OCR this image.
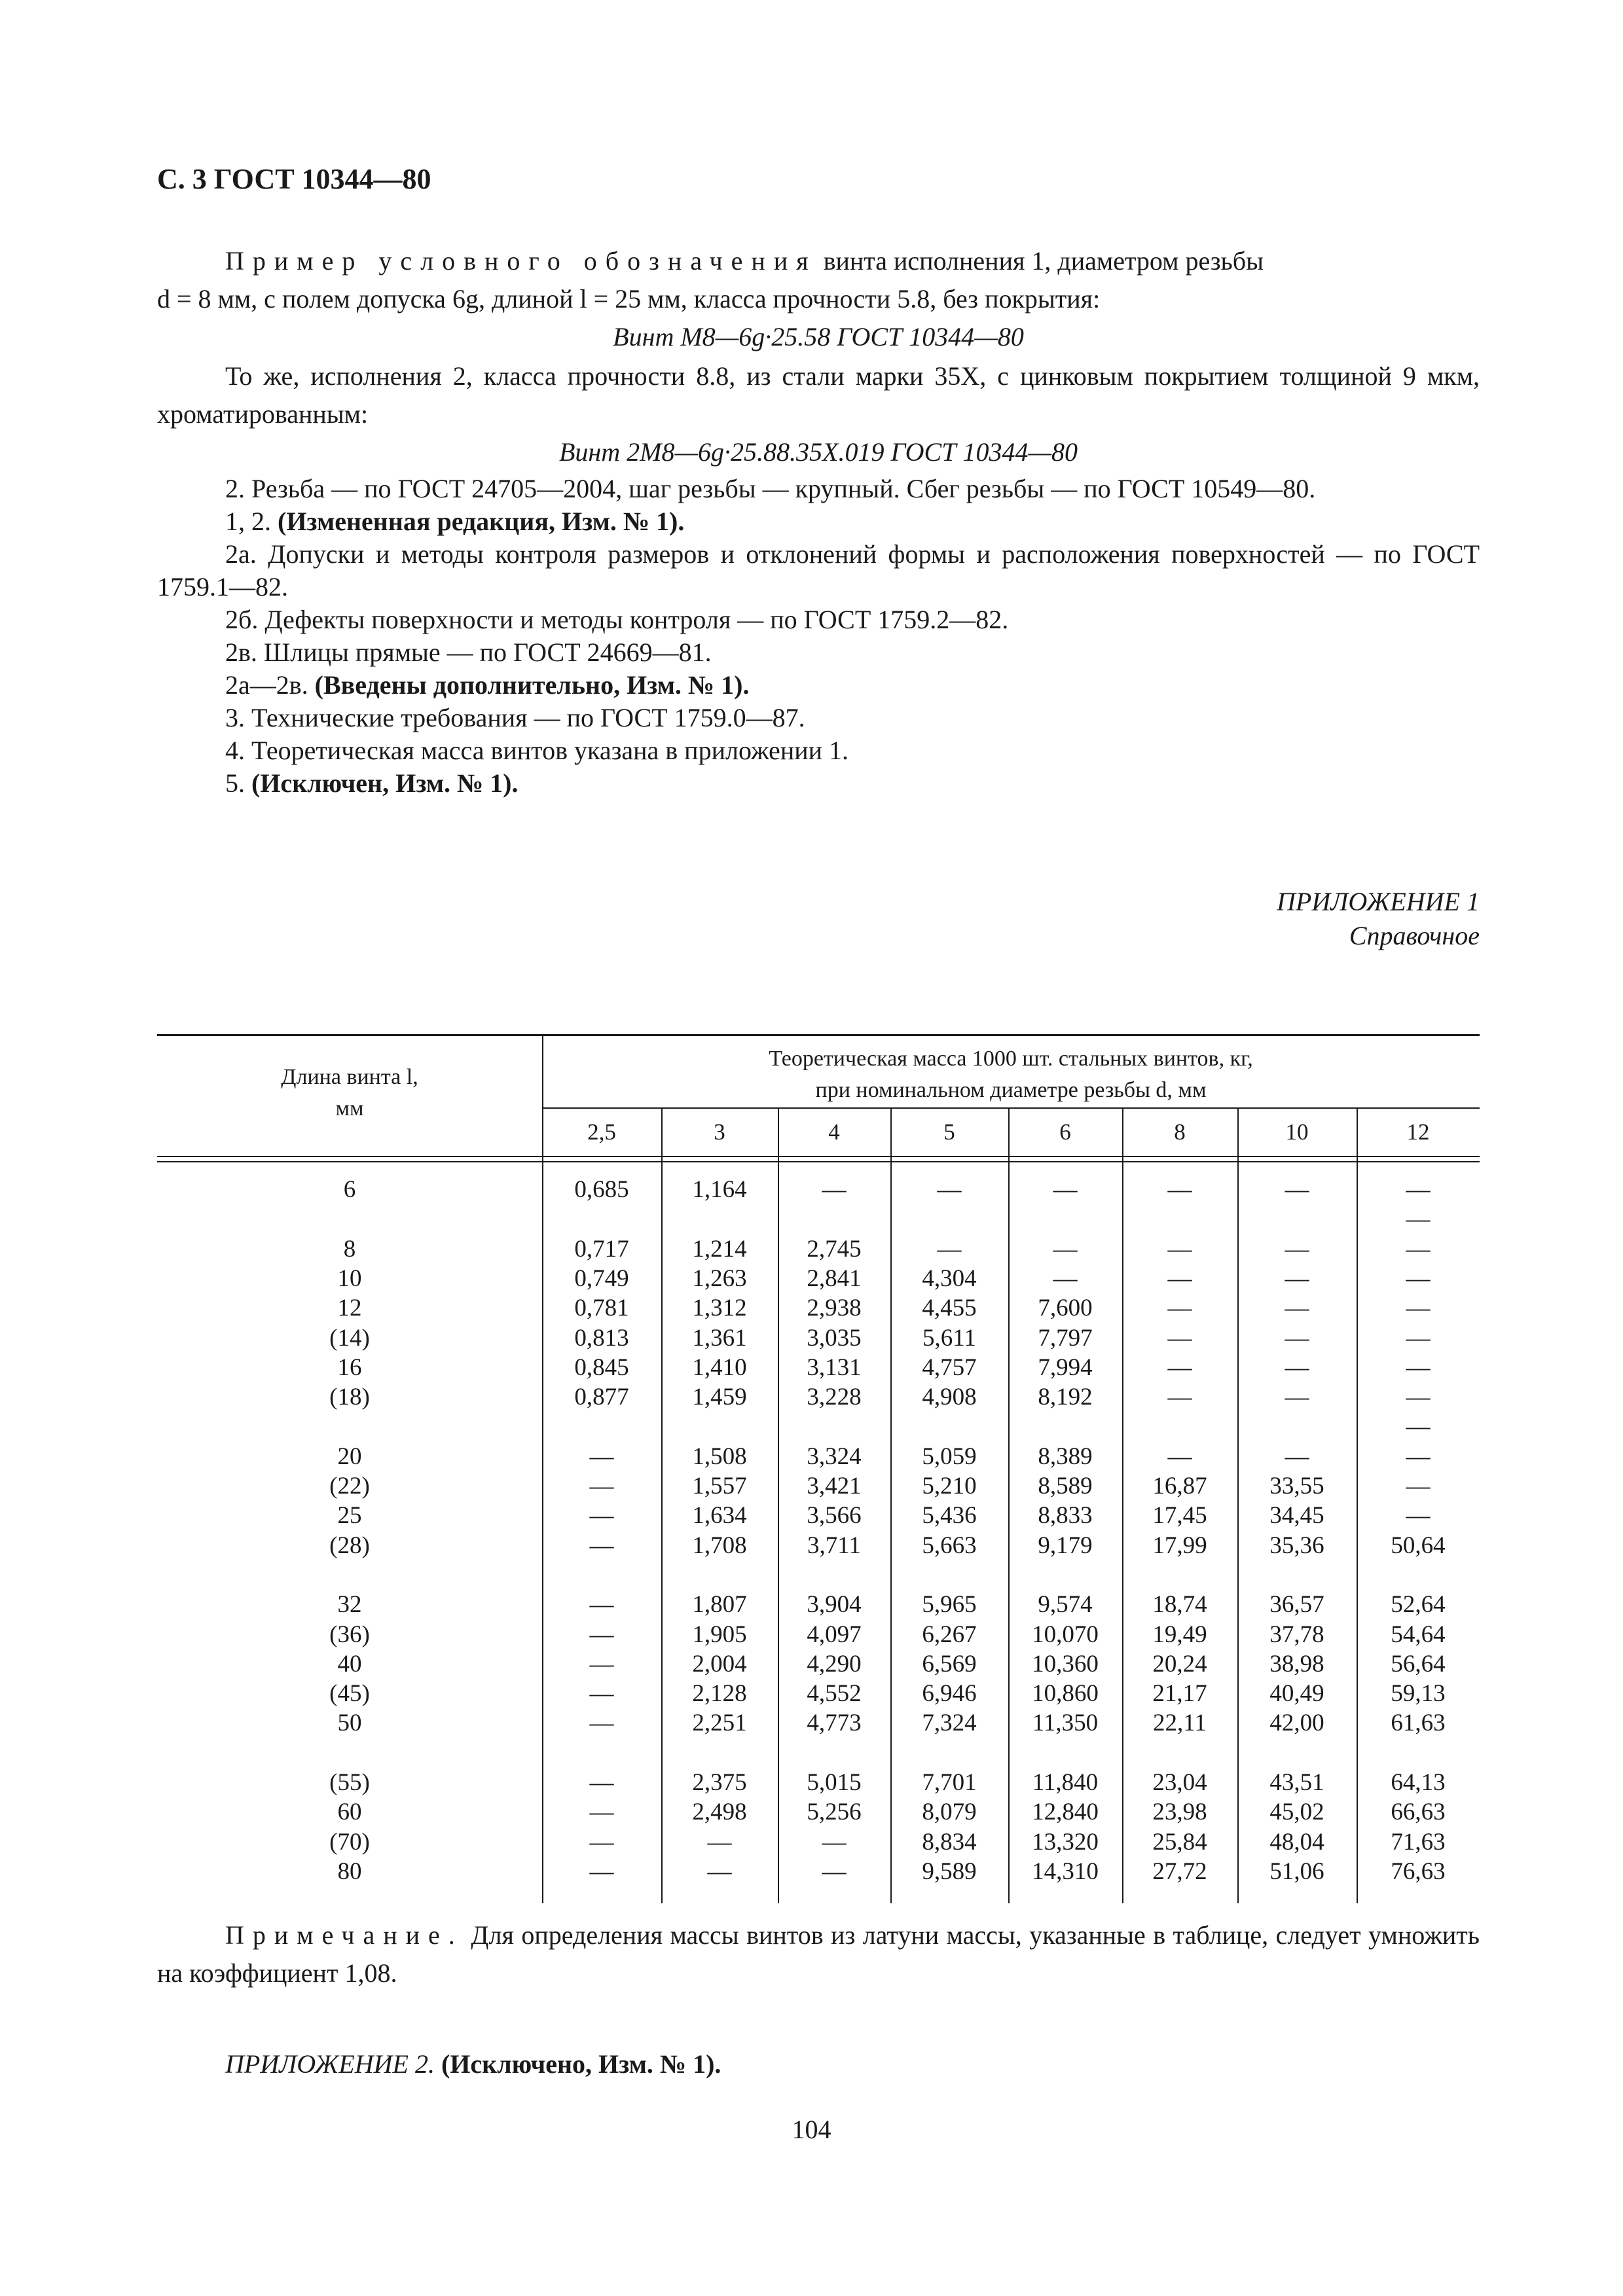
С. 3 ГОСТ 10344—80
Пример условного обозначения винта исполнения 1, диаметром резьбы
d = 8 мм, с полем допуска 6g, длиной l = 25 мм, класса прочности 5.8, без покрытия:
Винт М8—6g·25.58 ГОСТ 10344—80
То же, исполнения 2, класса прочности 8.8, из стали марки 35Х, с цинковым покрытием толщиной 9 мкм, хроматированным:
Винт 2М8—6g·25.88.35Х.019 ГОСТ 10344—80
2. Резьба — по ГОСТ 24705—2004, шаг резьбы — крупный. Сбег резьбы — по ГОСТ 10549—80.
1, 2. (Измененная редакция, Изм. № 1).
2а. Допуски и методы контроля размеров и отклонений формы и расположения поверхностей — по ГОСТ 1759.1—82.
2б. Дефекты поверхности и методы контроля — по ГОСТ 1759.2—82.
2в. Шлицы прямые — по ГОСТ 24669—81.
2а—2в. (Введены дополнительно, Изм. № 1).
3. Технические требования — по ГОСТ 1759.0—87.
4. Теоретическая масса винтов указана в приложении 1.
5. (Исключен, Изм. № 1).
ПРИЛОЖЕНИЕ 1
Справочное
Длина винта l,
мм
Теоретическая масса 1000 шт. стальных винтов, кг,
при номинальном диаметре резьбы d, мм
2,5	3	4	5	6	8	10	12
6	0,685	1,164	—	—	—	—	—	—
—
8	0,717	1,214	2,745	—	—	—	—	—
10	0,749	1,263	2,841	4,304	—	—	—	—
12	0,781	1,312	2,938	4,455	7,600	—	—	—
(14)	0,813	1,361	3,035	5,611	7,797	—	—	—
16	0,845	1,410	3,131	4,757	7,994	—	—	—
(18)	0,877	1,459	3,228	4,908	8,192	—	—	—
—
20	—	1,508	3,324	5,059	8,389	—	—	—
(22)	—	1,557	3,421	5,210	8,589	16,87	33,55	—
25	—	1,634	3,566	5,436	8,833	17,45	34,45	—
(28)	—	1,708	3,711	5,663	9,179	17,99	35,36	50,64
32	—	1,807	3,904	5,965	9,574	18,74	36,57	52,64
(36)	—	1,905	4,097	6,267	10,070	19,49	37,78	54,64
40	—	2,004	4,290	6,569	10,360	20,24	38,98	56,64
(45)	—	2,128	4,552	6,946	10,860	21,17	40,49	59,13
50	—	2,251	4,773	7,324	11,350	22,11	42,00	61,63
(55)	—	2,375	5,015	7,701	11,840	23,04	43,51	64,13
60	—	2,498	5,256	8,079	12,840	23,98	45,02	66,63
(70)	—	—	—	8,834	13,320	25,84	48,04	71,63
80	—	—	—	9,589	14,310	27,72	51,06	76,63
Примечание. Для определения массы винтов из латуни массы, указанные в таблице, следует умножить на коэффициент 1,08.
ПРИЛОЖЕНИЕ 2. (Исключено, Изм. № 1).
104
